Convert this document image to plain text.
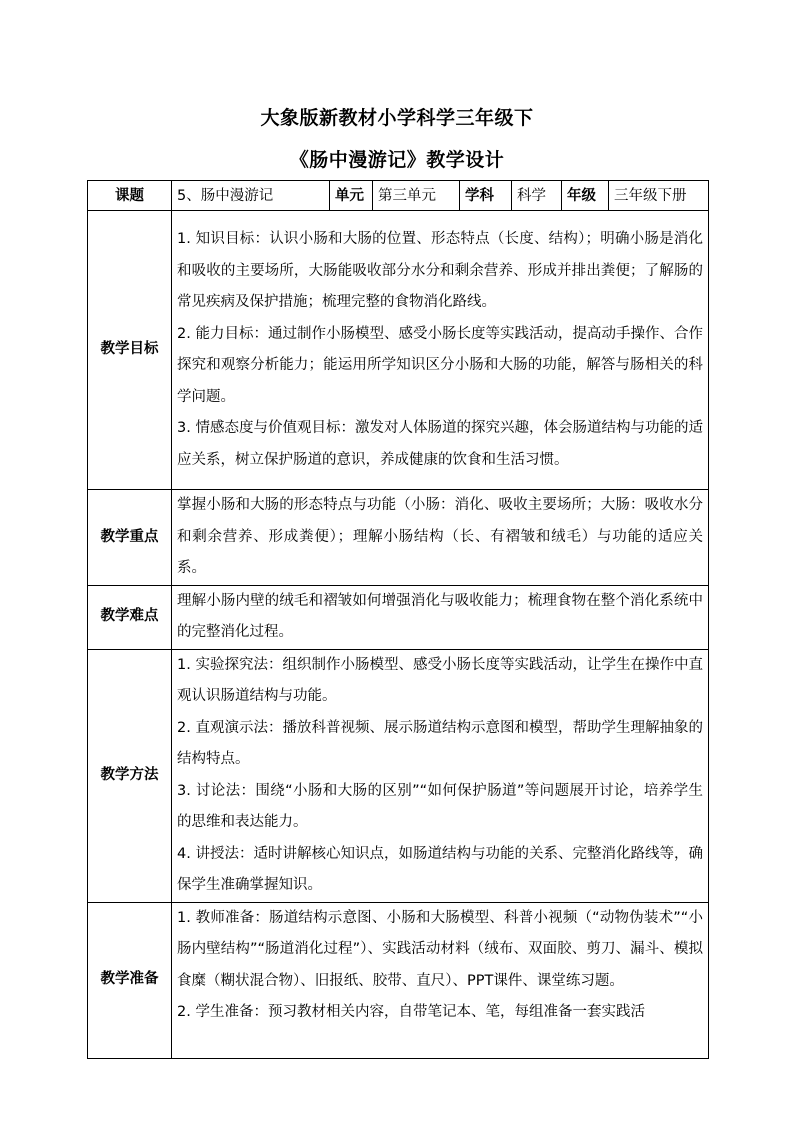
大象版新教材小学科学三年级下
《肠中漫游记》教学设计
课题	5、肠中漫游记	单元	第三单元	学科	科学	年级	三年级下册
教学目标	1. 知识目标：认识小肠和大肠的位置、形态特点（长度、结构）；明确小肠是消化和吸收的主要场所，大肠能吸收部分水分和剩余营养、形成并排出粪便；了解肠的常见疾病及保护措施；梳理完整的食物消化路线。

2. 能力目标：通过制作小肠模型、感受小肠长度等实践活动，提高动手操作、合作探究和观察分析能力；能运用所学知识区分小肠和大肠的功能，解答与肠相关的科学问题。

3. 情感态度与价值观目标：激发对人体肠道的探究兴趣，体会肠道结构与功能的适应关系，树立保护肠道的意识，养成健康的饮食和生活习惯。						

教学重点	掌握小肠和大肠的形态特点与功能（小肠：消化、吸收主要场所；大肠：吸收水分和剩余营养、形成粪便）；理解小肠结构（长、有褶皱和绒毛）与功能的适应关系。						
教学难点	理解小肠内壁的绒毛和褶皱如何增强消化与吸收能力；梳理食物在整个消化系统中的完整消化过程。						
教学方法	1. 实验探究法：组织制作小肠模型、感受小肠长度等实践活动，让学生在操作中直观认识肠道结构与功能。

2. 直观演示法：播放科普视频、展示肠道结构示意图和模型，帮助学生理解抽象的结构特点。

3. 讨论法：围绕“小肠和大肠的区别”“如何保护肠道”等问题展开讨论，培养学生的思维和表达能力。

4. 讲授法：适时讲解核心知识点，如肠道结构与功能的关系、完整消化路线等，确保学生准确掌握知识。						

教学准备	1. 教师准备：肠道结构示意图、小肠和大肠模型、科普小视频（“动物伪装术”“小肠内壁结构”“肠道消化过程”）、实践活动材料（绒布、双面胶、剪刀、漏斗、模拟食糜（糊状混合物）、旧报纸、胶带、直尺）、PPT课件、课堂练习题。

2. 学生准备：预习教材相关内容，自带笔记本、笔，每组准备一套实践活						
